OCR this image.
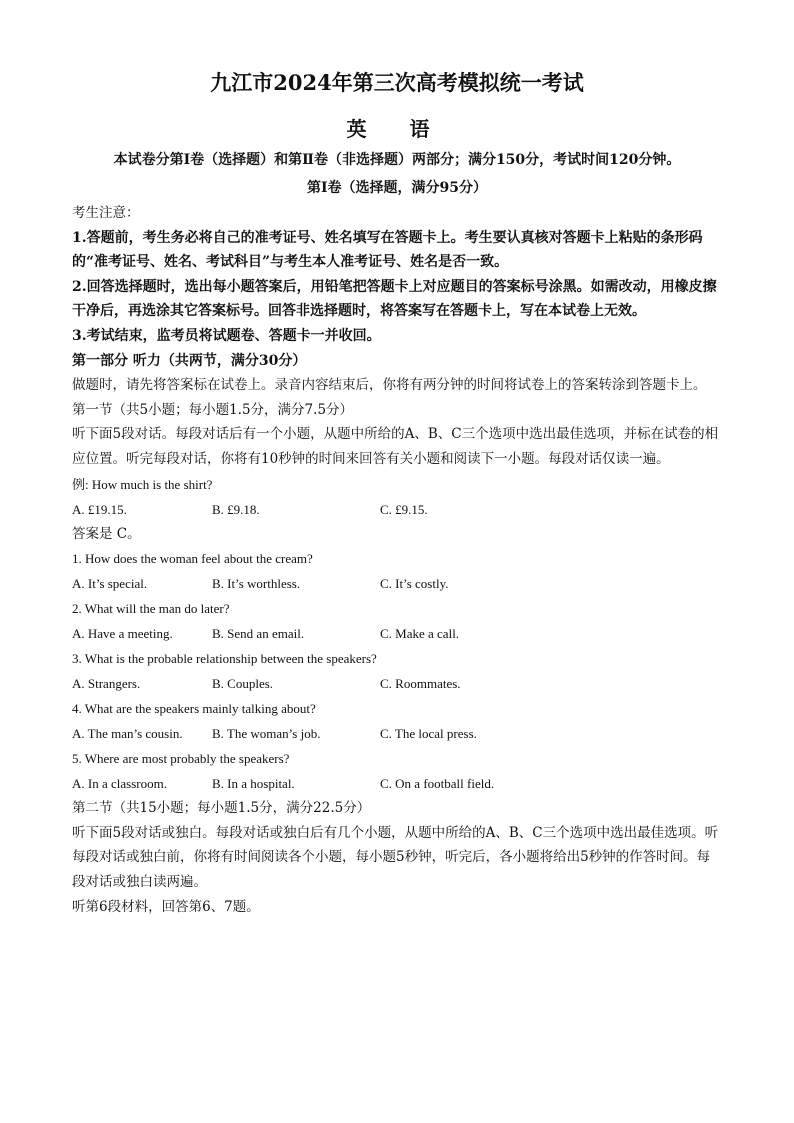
九江市2024年第三次高考模拟统一考试
英 语
本试卷分第Ⅰ卷（选择题）和第Ⅱ卷（非选择题）两部分；满分150分，考试时间120分钟。
第Ⅰ卷（选择题，满分95分）
考生注意：
1.答题前，考生务必将自己的准考证号、姓名填写在答题卡上。考生要认真核对答题卡上粘贴的条形码的“准考证号、姓名、考试科目”与考生本人准考证号、姓名是否一致。
2.回答选择题时，选出每小题答案后，用铅笔把答题卡上对应题目的答案标号涂黑。如需改动，用橡皮擦干净后，再选涂其它答案标号。回答非选择题时，将答案写在答题卡上，写在本试卷上无效。
3.考试结束，监考员将试题卷、答题卡一并收回。
第一部分 听力（共两节，满分30分）
做题时，请先将答案标在试卷上。录音内容结束后，你将有两分钟的时间将试卷上的答案转涂到答题卡上。
第一节（共5小题；每小题1.5分，满分7.5分）
听下面5段对话。每段对话后有一个小题，从题中所给的A、B、C三个选项中选出最佳选项，并标在试卷的相应位置。听完每段对话，你将有10秒钟的时间来回答有关小题和阅读下一小题。每段对话仅读一遍。
例: How much is the shirt?
A. £19.15.	B. £9.18.	C. £9.15.
答案是 C。
1. How does the woman feel about the cream?
A. It’s special.	B. It’s worthless.	C. It’s costly.
2. What will the man do later?
A. Have a meeting.	B. Send an email.	C. Make a call.
3. What is the probable relationship between the speakers?
A. Strangers.	B. Couples.	C. Roommates.
4. What are the speakers mainly talking about?
A. The man’s cousin. B. The woman’s job.	C. The local press.
5. Where are most probably the speakers?
A. In a classroom.	B. In a hospital.	C. On a football field.
第二节（共15小题；每小题1.5分，满分22.5分）
听下面5段对话或独白。每段对话或独白后有几个小题，从题中所给的A、B、C三个选项中选出最佳选项。听每段对话或独白前，你将有时间阅读各个小题，每小题5秒钟，听完后，各小题将给出5秒钟的作答时间。每段对话或独白读两遍。
听第6段材料，回答第6、7题。
